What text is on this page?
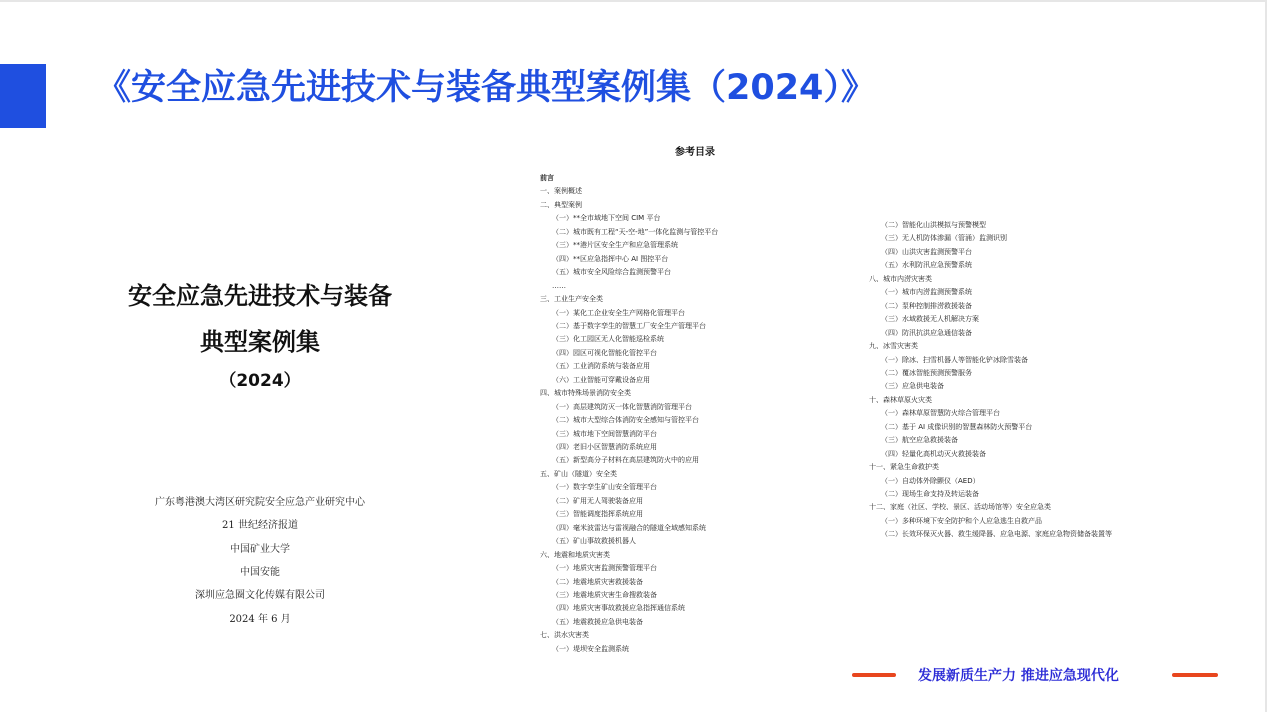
《安全应急先进技术与装备典型案例集（2024）》
安全应急先进技术与装备
典型案例集
（2024）
广东粤港澳大湾区研究院安全应急产业研究中心
21 世纪经济报道
中国矿业大学
中国安能
深圳应急圈文化传媒有限公司
2024 年 6 月
参考目录
前言
一、案例概述
二、典型案例
（一）**全市域地下空间 CIM 平台
（二）城市既有工程“天-空-地”一体化监测与管控平台
（三）**港片区安全生产和应急管理系统
（四）**区应急指挥中心 AI 图控平台
（五）城市安全风险综合监测预警平台
……
三、工业生产安全类
（一）某化工企业安全生产网格化管理平台
（二）基于数字孪生的智慧工厂安全生产管理平台
（三）化工园区无人化智能巡检系统
（四）园区可视化智能化管控平台
（五）工业消防系统与装备应用
（六）工业智能可穿戴设备应用
四、城市特殊场景消防安全类
（一）高层建筑防灭一体化智慧消防管理平台
（二）城市大型综合体消防安全感知与管控平台
（三）城市地下空间智慧消防平台
（四）老旧小区智慧消防系统应用
（五）新型高分子材料在高层建筑防火中的应用
五、矿山（隧道）安全类
（一）数字孪生矿山安全管理平台
（二）矿用无人驾驶装备应用
（三）智能调度指挥系统应用
（四）毫米波雷达与雷视融合的隧道全域感知系统
（五）矿山事故救援机器人
六、地震和地质灾害类
（一）地质灾害监测预警管理平台
（二）地震地质灾害救援装备
（三）地震地质灾害生命搜救装备
（四）地质灾害事故救援应急指挥通信系统
（五）地震救援应急供电装备
七、洪水灾害类
（一）堤坝安全监测系统
（二）智能化山洪模拟与预警模型
（三）无人机防体渗漏（管涌）监测识别
（四）山洪灾害监测预警平台
（五）水利防汛应急预警系统
八、城市内涝灾害类
（一）城市内涝监测预警系统
（二）泵种控制排涝救援装备
（三）水域救援无人机解决方案
（四）防汛抗洪应急通信装备
九、冰雪灾害类
（一）除冰、扫雪机器人等智能化铲冰除雪装备
（二）覆冰智能预测预警服务
（三）应急供电装备
十、森林草原火灾类
（一）森林草原智慧防火综合管理平台
（二）基于 AI 成像识别的智慧森林防火预警平台
（三）航空应急救援装备
（四）轻量化高机动灭火救援装备
十一、紧急生命救护类
（一）自动体外除颤仪（AED）
（二）现场生命支持及转运装备
十二、家庭（社区、学校、景区、活动场馆等）安全应急类
（一）多种环境下安全防护和个人应急逃生自救产品
（二）长效环保灭火器、救生缓降器、应急电源、家庭应急物资储备装置等
发展新质生产力 推进应急现代化
